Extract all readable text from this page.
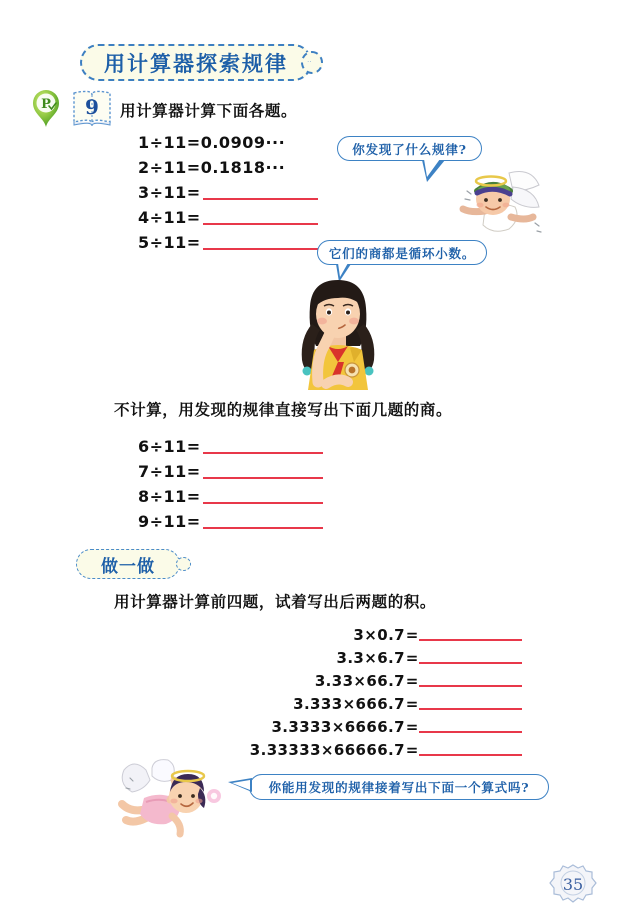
用计算器探索规律	··
P	9	用计算器计算下面各题。
不计算，用发现的规律直接写出下面几题的商。
用计算器计算前四题，试着写出后两题的积。
1÷11= 0.0909···
2÷11= 0.1818···
3÷11=
4÷11=
5÷11=
6÷11=
7÷11=
8÷11=
9÷11=
你发现了什么规律?
它们的商都是循环小数。
做一做
3×0.7 =
3.3×6.7 =
3.33×66.7 =
3.333×666.7 =
3.3333×6666.7 =
3.33333×66666.7 =
你能用发现的规律接着写出下面一个算式吗?
35
